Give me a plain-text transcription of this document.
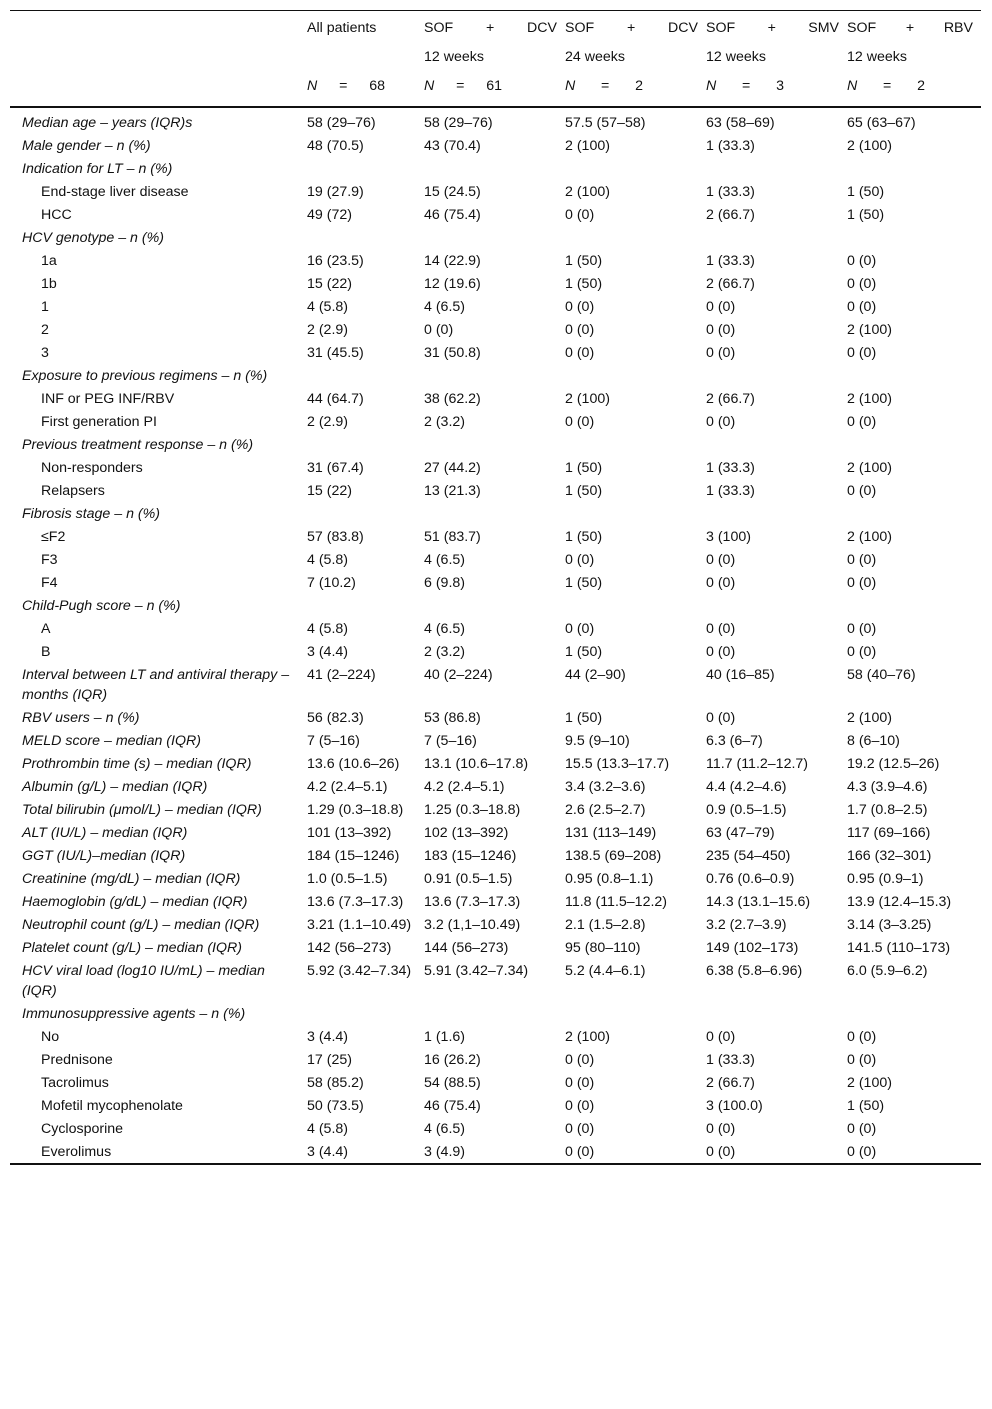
	All patients	SOF + DCV	SOF + DCV	SOF + SMV	SOF + RBV

		12 weeks	24 weeks	12 weeks	12 weeks

	N = 68	N = 61	N = 2	N = 3	N = 2

Median age – years (IQR)s	58 (29–76)	58 (29–76)	57.5 (57–58)	63 (58–69)	65 (63–67)
Male gender – n (%)	48 (70.5)	43 (70.4)	2 (100)	1 (33.3)	2 (100)
Indication for LT – n (%)					
End-stage liver disease	19 (27.9)	15 (24.5)	2 (100)	1 (33.3)	1 (50)
HCC	49 (72)	46 (75.4)	0 (0)	2 (66.7)	1 (50)
HCV genotype – n (%)					
1a	16 (23.5)	14 (22.9)	1 (50)	1 (33.3)	0 (0)
1b	15 (22)	12 (19.6)	1 (50)	2 (66.7)	0 (0)
1	4 (5.8)	4 (6.5)	0 (0)	0 (0)	0 (0)
2	2 (2.9)	0 (0)	0 (0)	0 (0)	2 (100)
3	31 (45.5)	31 (50.8)	0 (0)	0 (0)	0 (0)
Exposure to previous regimens – n (%)					
INF or PEG INF/RBV	44 (64.7)	38 (62.2)	2 (100)	2 (66.7)	2 (100)
First generation PI	2 (2.9)	2 (3.2)	0 (0)	0 (0)	0 (0)
Previous treatment response – n (%)					
Non-responders	31 (67.4)	27 (44.2)	1 (50)	1 (33.3)	2 (100)
Relapsers	15 (22)	13 (21.3)	1 (50)	1 (33.3)	0 (0)
Fibrosis stage – n (%)					
≤F2	57 (83.8)	51 (83.7)	1 (50)	3 (100)	2 (100)
F3	4 (5.8)	4 (6.5)	0 (0)	0 (0)	0 (0)
F4	7 (10.2)	6 (9.8)	1 (50)	0 (0)	0 (0)
Child-Pugh score – n (%)					
A	4 (5.8)	4 (6.5)	0 (0)	0 (0)	0 (0)
B	3 (4.4)	2 (3.2)	1 (50)	0 (0)	0 (0)
Interval between LT and antiviral therapy – months (IQR)	41 (2–224)	40 (2–224)	44 (2–90)	40 (16–85)	58 (40–76)
RBV users – n (%)	56 (82.3)	53 (86.8)	1 (50)	0 (0)	2 (100)
MELD score – median (IQR)	7 (5–16)	7 (5–16)	9.5 (9–10)	6.3 (6–7)	8 (6–10)
Prothrombin time (s) – median (IQR)	13.6 (10.6–26)	13.1 (10.6–17.8)	15.5 (13.3–17.7)	11.7 (11.2–12.7)	19.2 (12.5–26)
Albumin (g/L) – median (IQR)	4.2 (2.4–5.1)	4.2 (2.4–5.1)	3.4 (3.2–3.6)	4.4 (4.2–4.6)	4.3 (3.9–4.6)
Total bilirubin (μmol/L) – median (IQR)	1.29 (0.3–18.8)	1.25 (0.3–18.8)	2.6 (2.5–2.7)	0.9 (0.5–1.5)	1.7 (0.8–2.5)
ALT (IU/L) – median (IQR)	101 (13–392)	102 (13–392)	131 (113–149)	63 (47–79)	117 (69–166)
GGT (IU/L)–median (IQR)	184 (15–1246)	183 (15–1246)	138.5 (69–208)	235 (54–450)	166 (32–301)
Creatinine (mg/dL) – median (IQR)	1.0 (0.5–1.5)	0.91 (0.5–1.5)	0.95 (0.8–1.1)	0.76 (0.6–0.9)	0.95 (0.9–1)
Haemoglobin (g/dL) – median (IQR)	13.6 (7.3–17.3)	13.6 (7.3–17.3)	11.8 (11.5–12.2)	14.3 (13.1–15.6)	13.9 (12.4–15.3)
Neutrophil count (g/L) – median (IQR)	3.21 (1.1–10.49)	3.2 (1,1–10.49)	2.1 (1.5–2.8)	3.2 (2.7–3.9)	3.14 (3–3.25)
Platelet count (g/L) – median (IQR)	142 (56–273)	144 (56–273)	95 (80–110)	149 (102–173)	141.5 (110–173)
HCV viral load (log10 IU/mL) – median (IQR)	5.92 (3.42–7.34)	5.91 (3.42–7.34)	5.2 (4.4–6.1)	6.38 (5.8–6.96)	6.0 (5.9–6.2)
Immunosuppressive agents – n (%)					
No	3 (4.4)	1 (1.6)	2 (100)	0 (0)	0 (0)
Prednisone	17 (25)	16 (26.2)	0 (0)	1 (33.3)	0 (0)
Tacrolimus	58 (85.2)	54 (88.5)	0 (0)	2 (66.7)	2 (100)
Mofetil mycophenolate	50 (73.5)	46 (75.4)	0 (0)	3 (100.0)	1 (50)
Cyclosporine	4 (5.8)	4 (6.5)	0 (0)	0 (0)	0 (0)
Everolimus	3 (4.4)	3 (4.9)	0 (0)	0 (0)	0 (0)
